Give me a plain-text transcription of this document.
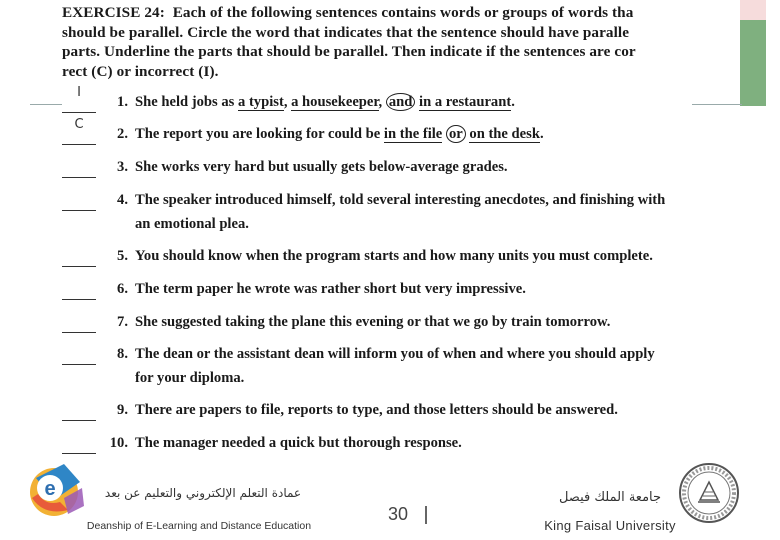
EXERCISE 24: Each of the following sentences contains words or groups of words tha
should be parallel. Circle the word that indicates that the sentence should have paralle
parts. Underline the parts that should be parallel. Then indicate if the sentences are cor
rect (C) or incorrect (I).
I
1. She held jobs as a typist, a housekeeper, and in a restaurant.
C
2. The report you are looking for could be in the file or on the desk.
3. She works very hard but usually gets below-average grades.
4. The speaker introduced himself, told several interesting anecdotes, and finishing with
an emotional plea.
5. You should know when the program starts and how many units you must complete.
6. The term paper he wrote was rather short but very impressive.
7. She suggested taking the plane this evening or that we go by train tomorrow.
8. The dean or the assistant dean will inform you of when and where you should apply
for your diploma.
9. There are papers to file, reports to type, and those letters should be answered.
10. The manager needed a quick but thorough response.
e	عمادة التعلم الإلكتروني والتعليم عن بعد
Deanship of E-Learning and Distance Education
30
جامعة الملك فيصل
King Faisal University
